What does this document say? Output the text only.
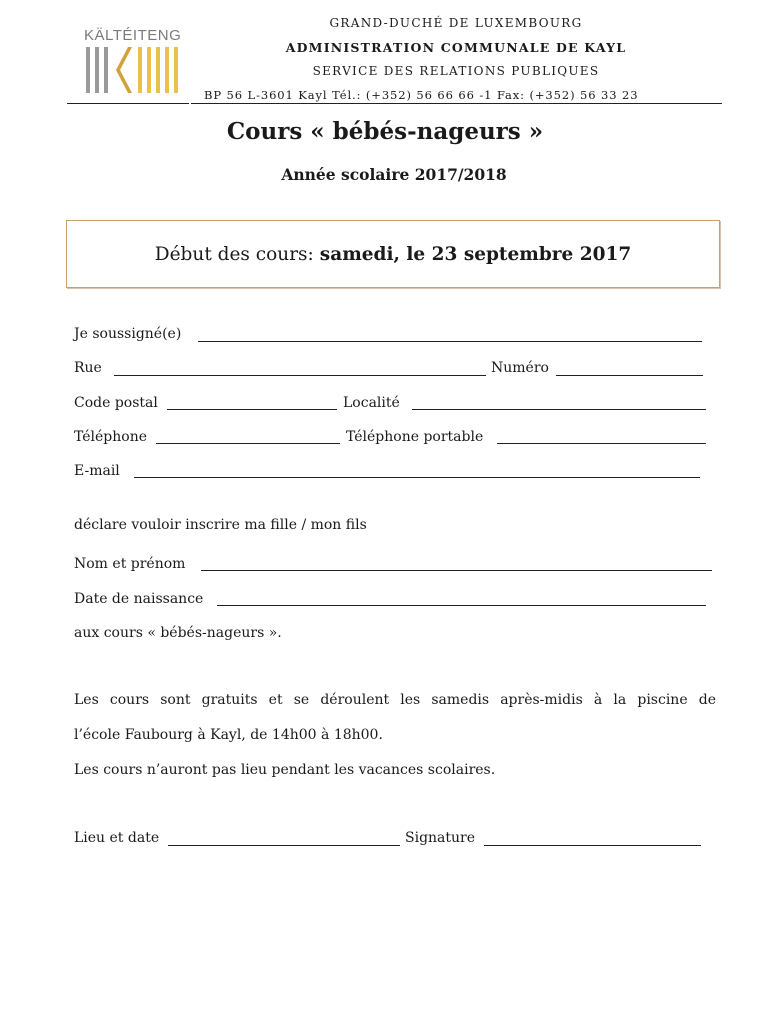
KÄLTÉITENG
GRAND-DUCHÉ DE LUXEMBOURG
ADMINISTRATION COMMUNALE DE KAYL
SERVICE DES RELATIONS PUBLIQUES
BP 56 L-3601 Kayl Tél.: (+352) 56 66 66 -1 Fax: (+352) 56 33 23
Cours « bébés-nageurs »
Année scolaire 2017/2018
Début des cours: samedi, le 23 septembre 2017
Je soussigné(e)
Rue	Numéro
Code postal	Localité
Téléphone	Téléphone portable
E-mail
déclare vouloir inscrire ma fille / mon fils
Nom et prénom
Date de naissance
aux cours « bébés-nageurs ».
Les cours sont gratuits et se déroulent les samedis après-midis à la piscine de
l’école Faubourg à Kayl, de 14h00 à 18h00.
Les cours n’auront pas lieu pendant les vacances scolaires.
Lieu et date	Signature
